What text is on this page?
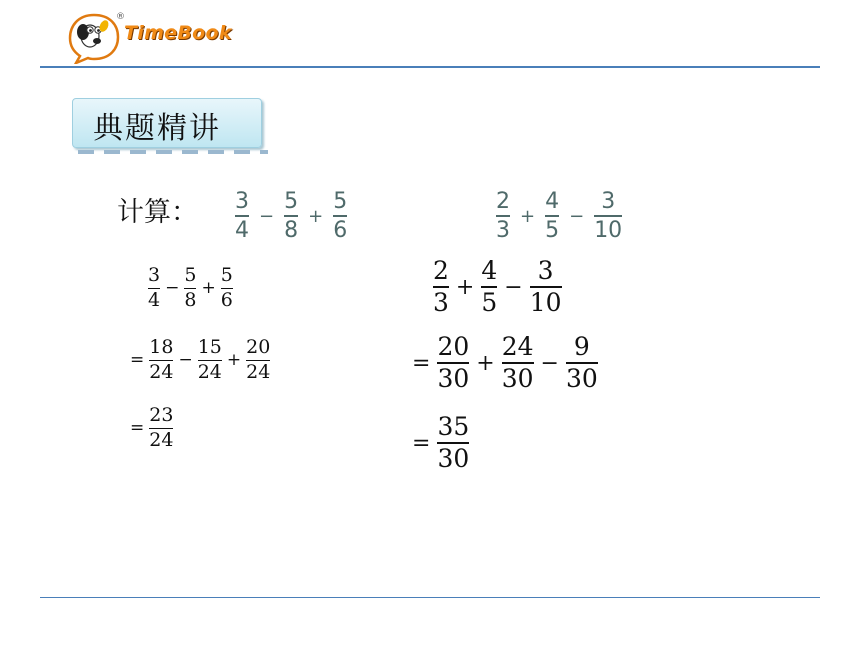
®
TimeBook
典题精讲
计算： $\frac{3}{4} - \frac{5}{8} + \frac{5}{6}$	$\frac{2}{3} + \frac{4}{5} - \frac{3}{10}$
$\frac{3}{4} - \frac{5}{8} + \frac{5}{6}$
= $\frac{18}{24} - \frac{15}{24} + \frac{20}{24}$
= $\frac{23}{24}$
$\frac{2}{3} + \frac{4}{5} - \frac{3}{10}$
= $\frac{20}{30} + \frac{24}{30} - \frac{9}{30}$
= $\frac{35}{30}$
